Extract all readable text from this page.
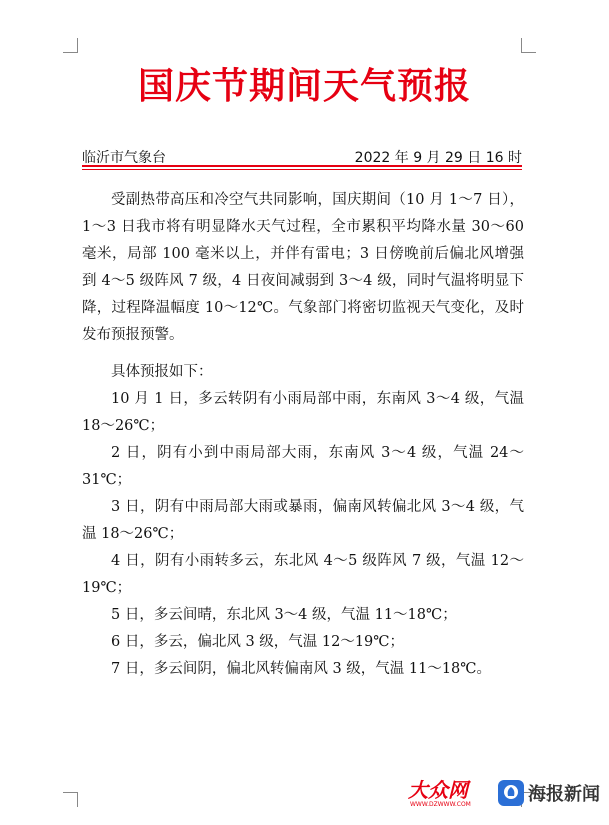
国庆节期间天气预报
临沂市气象台	2022 年 9 月 29 日 16 时

受副热带高压和冷空气共同影响，国庆期间（10 月 1～7 日），1～3 日我市将有明显降水天气过程，全市累积平均降水量 30～60 毫米，局部 100 毫米以上，并伴有雷电；3 日傍晚前后偏北风增强到 4～5 级阵风 7 级，4 日夜间减弱到 3～4 级，同时气温将明显下降，过程降温幅度 10～12℃。气象部门将密切监视天气变化，及时发布预报预警。

具体预报如下：

10 月 1 日，多云转阴有小雨局部中雨，东南风 3～4 级，气温 18～26℃；

2 日，阴有小到中雨局部大雨，东南风 3～4 级，气温 24～31℃；

3 日，阴有中雨局部大雨或暴雨，偏南风转偏北风 3～4 级，气温 18～26℃；

4 日，阴有小雨转多云，东北风 4～5 级阵风 7 级，气温 12～19℃；

5 日，多云间晴，东北风 3～4 级，气温 11～18℃；

6 日，多云，偏北风 3 级，气温 12～19℃；

7 日，多云间阴，偏北风转偏南风 3 级，气温 11～18℃。

大众网
WWW.DZWWW.COM	海报新闻
